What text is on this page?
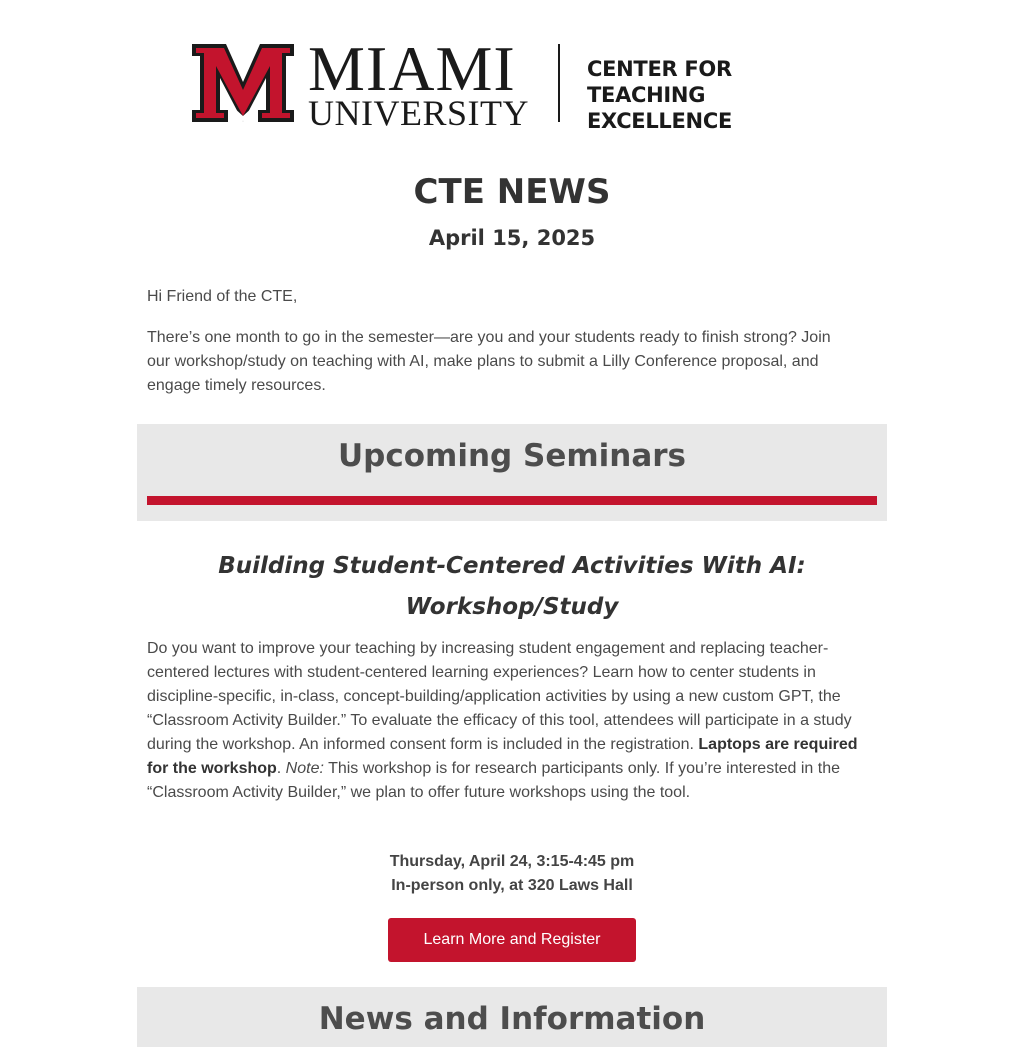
MIAMI
UNIVERSITY
CENTER FOR TEACHING
EXCELLENCE
CTE NEWS
April 15, 2025
Hi Friend of the CTE,
There’s one month to go in the semester—are you and your students ready to finish strong? Join our workshop/study on teaching with AI, make plans to submit a Lilly Conference proposal, and engage timely resources.
Upcoming Seminars
Building Student-Centered Activities With AI:
Workshop/Study
Do you want to improve your teaching by increasing student engagement and replacing teacher-centered lectures with student-centered learning experiences? Learn how to center students in discipline-specific, in-class, concept-building/application activities by using a new custom GPT, the “Classroom Activity Builder.” To evaluate the efficacy of this tool, attendees will participate in a study during the workshop. An informed consent form is included in the registration. Laptops are required for the workshop. Note: This workshop is for research participants only. If you’re interested in the “Classroom Activity Builder,” we plan to offer future workshops using the tool.
Thursday, April 24, 3:15-4:45 pm
In-person only, at 320 Laws Hall
Learn More and Register
News and Information
